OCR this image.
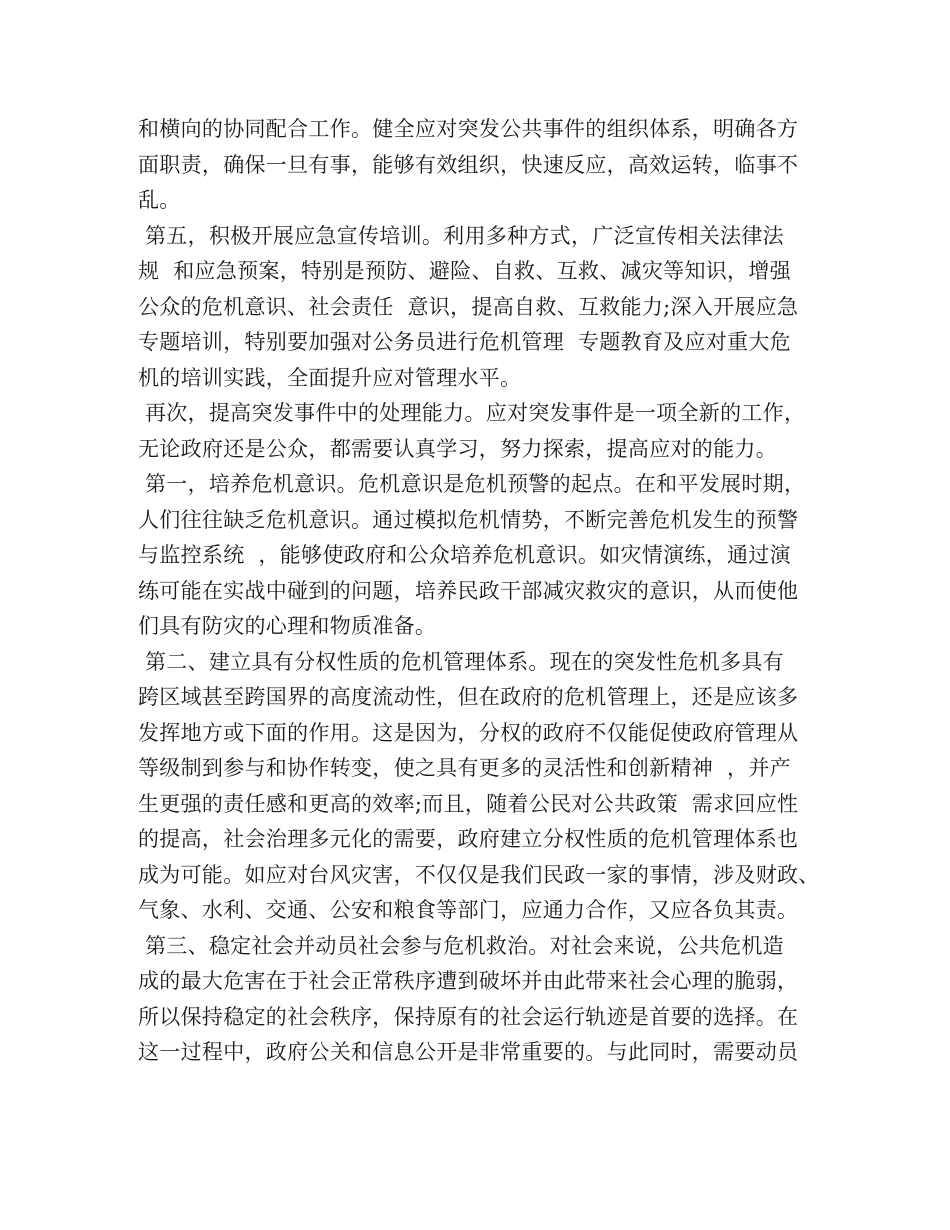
和横向的协同配合工作。健全应对突发公共事件的组织体系，明确各方
面职责，确保一旦有事，能够有效组织，快速反应，高效运转，临事不
乱。
第五，积极开展应急宣传培训。利用多种方式，广泛宣传相关法律法
规  和应急预案，特别是预防、避险、自救、互救、减灾等知识，增强
公众的危机意识、社会责任  意识，提高自救、互救能力;深入开展应急
专题培训，特别要加强对公务员进行危机管理  专题教育及应对重大危
机的培训实践，全面提升应对管理水平。
再次，提高突发事件中的处理能力。应对突发事件是一项全新的工作，
无论政府还是公众，都需要认真学习，努力探索，提高应对的能力。
第一，培养危机意识。危机意识是危机预警的起点。在和平发展时期，
人们往往缺乏危机意识。通过模拟危机情势，不断完善危机发生的预警
与监控系统  ，能够使政府和公众培养危机意识。如灾情演练，通过演
练可能在实战中碰到的问题，培养民政干部减灾救灾的意识，从而使他
们具有防灾的心理和物质准备。
第二、建立具有分权性质的危机管理体系。现在的突发性危机多具有
跨区域甚至跨国界的高度流动性，但在政府的危机管理上，还是应该多
发挥地方或下面的作用。这是因为，分权的政府不仅能促使政府管理从
等级制到参与和协作转变，使之具有更多的灵活性和创新精神  ，并产
生更强的责任感和更高的效率;而且，随着公民对公共政策  需求回应性
的提高，社会治理多元化的需要，政府建立分权性质的危机管理体系也
成为可能。如应对台风灾害，不仅仅是我们民政一家的事情，涉及财政、
气象、水利、交通、公安和粮食等部门，应通力合作，又应各负其责。
第三、稳定社会并动员社会参与危机救治。对社会来说，公共危机造
成的最大危害在于社会正常秩序遭到破坏并由此带来社会心理的脆弱，
所以保持稳定的社会秩序，保持原有的社会运行轨迹是首要的选择。在
这一过程中，政府公关和信息公开是非常重要的。与此同时，需要动员
